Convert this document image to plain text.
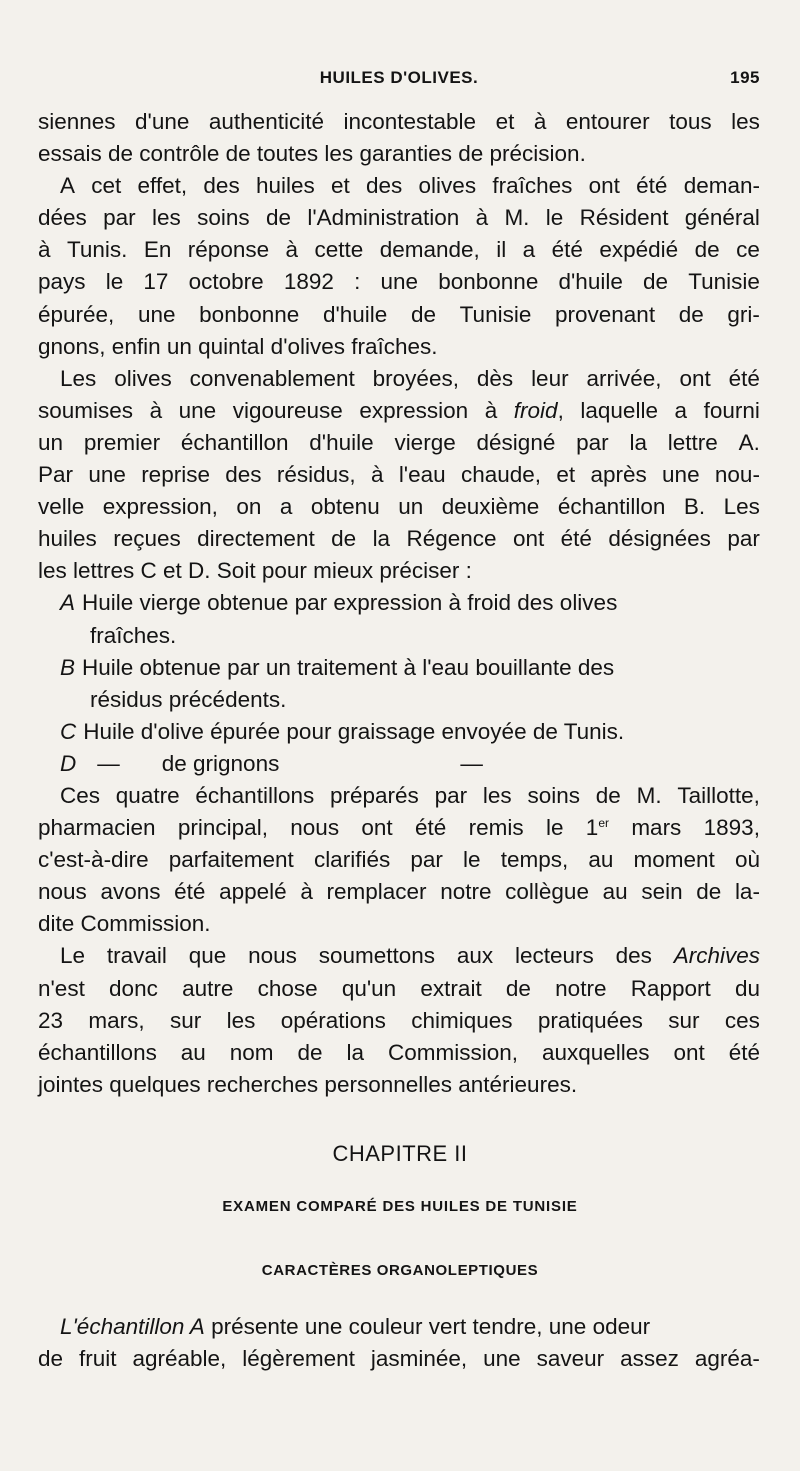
HUILES D'OLIVES.	195
siennes d'une authenticité incontestable et à entourer tous les
essais de contrôle de toutes les garanties de précision.
A cet effet, des huiles et des olives fraîches ont été deman-
dées par les soins de l'Administration à M. le Résident général
à Tunis. En réponse à cette demande, il a été expédié de ce
pays le 17 octobre 1892 : une bonbonne d'huile de Tunisie
épurée, une bonbonne d'huile de Tunisie provenant de gri-
gnons, enfin un quintal d'olives fraîches.
Les olives convenablement broyées, dès leur arrivée, ont été
soumises à une vigoureuse expression à froid, laquelle a fourni
un premier échantillon d'huile vierge désigné par la lettre A.
Par une reprise des résidus, à l'eau chaude, et après une nou-
velle expression, on a obtenu un deuxième échantillon B. Les
huiles reçues directement de la Régence ont été désignées par
les lettres C et D. Soit pour mieux préciser :
A Huile vierge obtenue par expression à froid des olives
fraîches.
B Huile obtenue par un traitement à l'eau bouillante des
résidus précédents.
C Huile d'olive épurée pour graissage envoyée de Tunis.
D — de grignons	—
Ces quatre échantillons préparés par les soins de M. Taillotte,
pharmacien principal, nous ont été remis le 1er mars 1893,
c'est-à-dire parfaitement clarifiés par le temps, au moment où
nous avons été appelé à remplacer notre collègue au sein de la-
dite Commission.
Le travail que nous soumettons aux lecteurs des Archives
n'est donc autre chose qu'un extrait de notre Rapport du
23 mars, sur les opérations chimiques pratiquées sur ces
échantillons au nom de la Commission, auxquelles ont été
jointes quelques recherches personnelles antérieures.
CHAPITRE II
EXAMEN COMPARÉ DES HUILES DE TUNISIE
CARACTÈRES ORGANOLEPTIQUES
L'échantillon A présente une couleur vert tendre, une odeur
de fruit agréable, légèrement jasminée, une saveur assez agréa-
